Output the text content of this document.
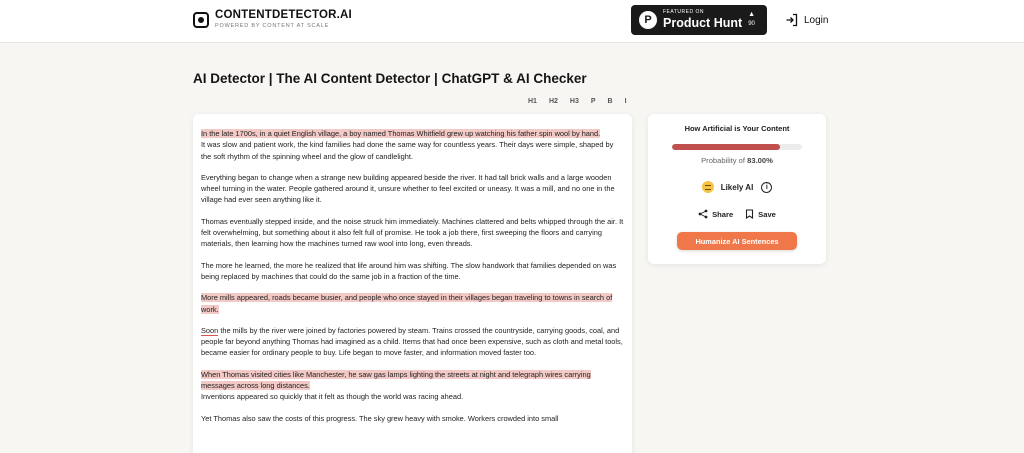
CONTENTDETECTOR.AI
POWERED BY CONTENT AT SCALE	P
FEATURED ON
Product Hunt
▲
90	Login
AI Detector | The AI Content Detector | ChatGPT & AI Checker
H1 H2 H3 P B I

In the late 1700s, in a quiet English village, a boy named Thomas Whitfield grew up watching his father spin wool by hand.
It was slow and patient work, the kind families had done the same way for countless years. Their days were simple, shaped by the soft rhythm of the spinning wheel and the glow of candlelight.

Everything began to change when a strange new building appeared beside the river. It had tall brick walls and a large wooden wheel turning in the water. People gathered around it, unsure whether to feel excited or uneasy. It was a mill, and no one in the village had ever seen anything like it.

Thomas eventually stepped inside, and the noise struck him immediately. Machines clattered and belts whipped through the air. It felt overwhelming, but something about it also felt full of promise. He took a job there, first sweeping the floors and carrying materials, then learning how the machines turned raw wool into long, even threads.

The more he learned, the more he realized that life around him was shifting. The slow handwork that families depended on was being replaced by machines that could do the same job in a fraction of the time.

More mills appeared, roads became busier, and people who once stayed in their villages began traveling to towns in search of work.

Soon the mills by the river were joined by factories powered by steam. Trains crossed the countryside, carrying goods, coal, and people far beyond anything Thomas had imagined as a child. Items that had once been expensive, such as cloth and metal tools, became easier for ordinary people to buy. Life began to move faster, and information moved faster too.

When Thomas visited cities like Manchester, he saw gas lamps lighting the streets at night and telegraph wires carrying messages across long distances.
Inventions appeared so quickly that it felt as though the world was racing ahead.

Yet Thomas also saw the costs of this progress. The sky grew heavy with smoke. Workers crowded into small

How Artificial is Your Content
Probability of 83.00%
Likely AI	i
Share	Save
Humanize AI Sentences
